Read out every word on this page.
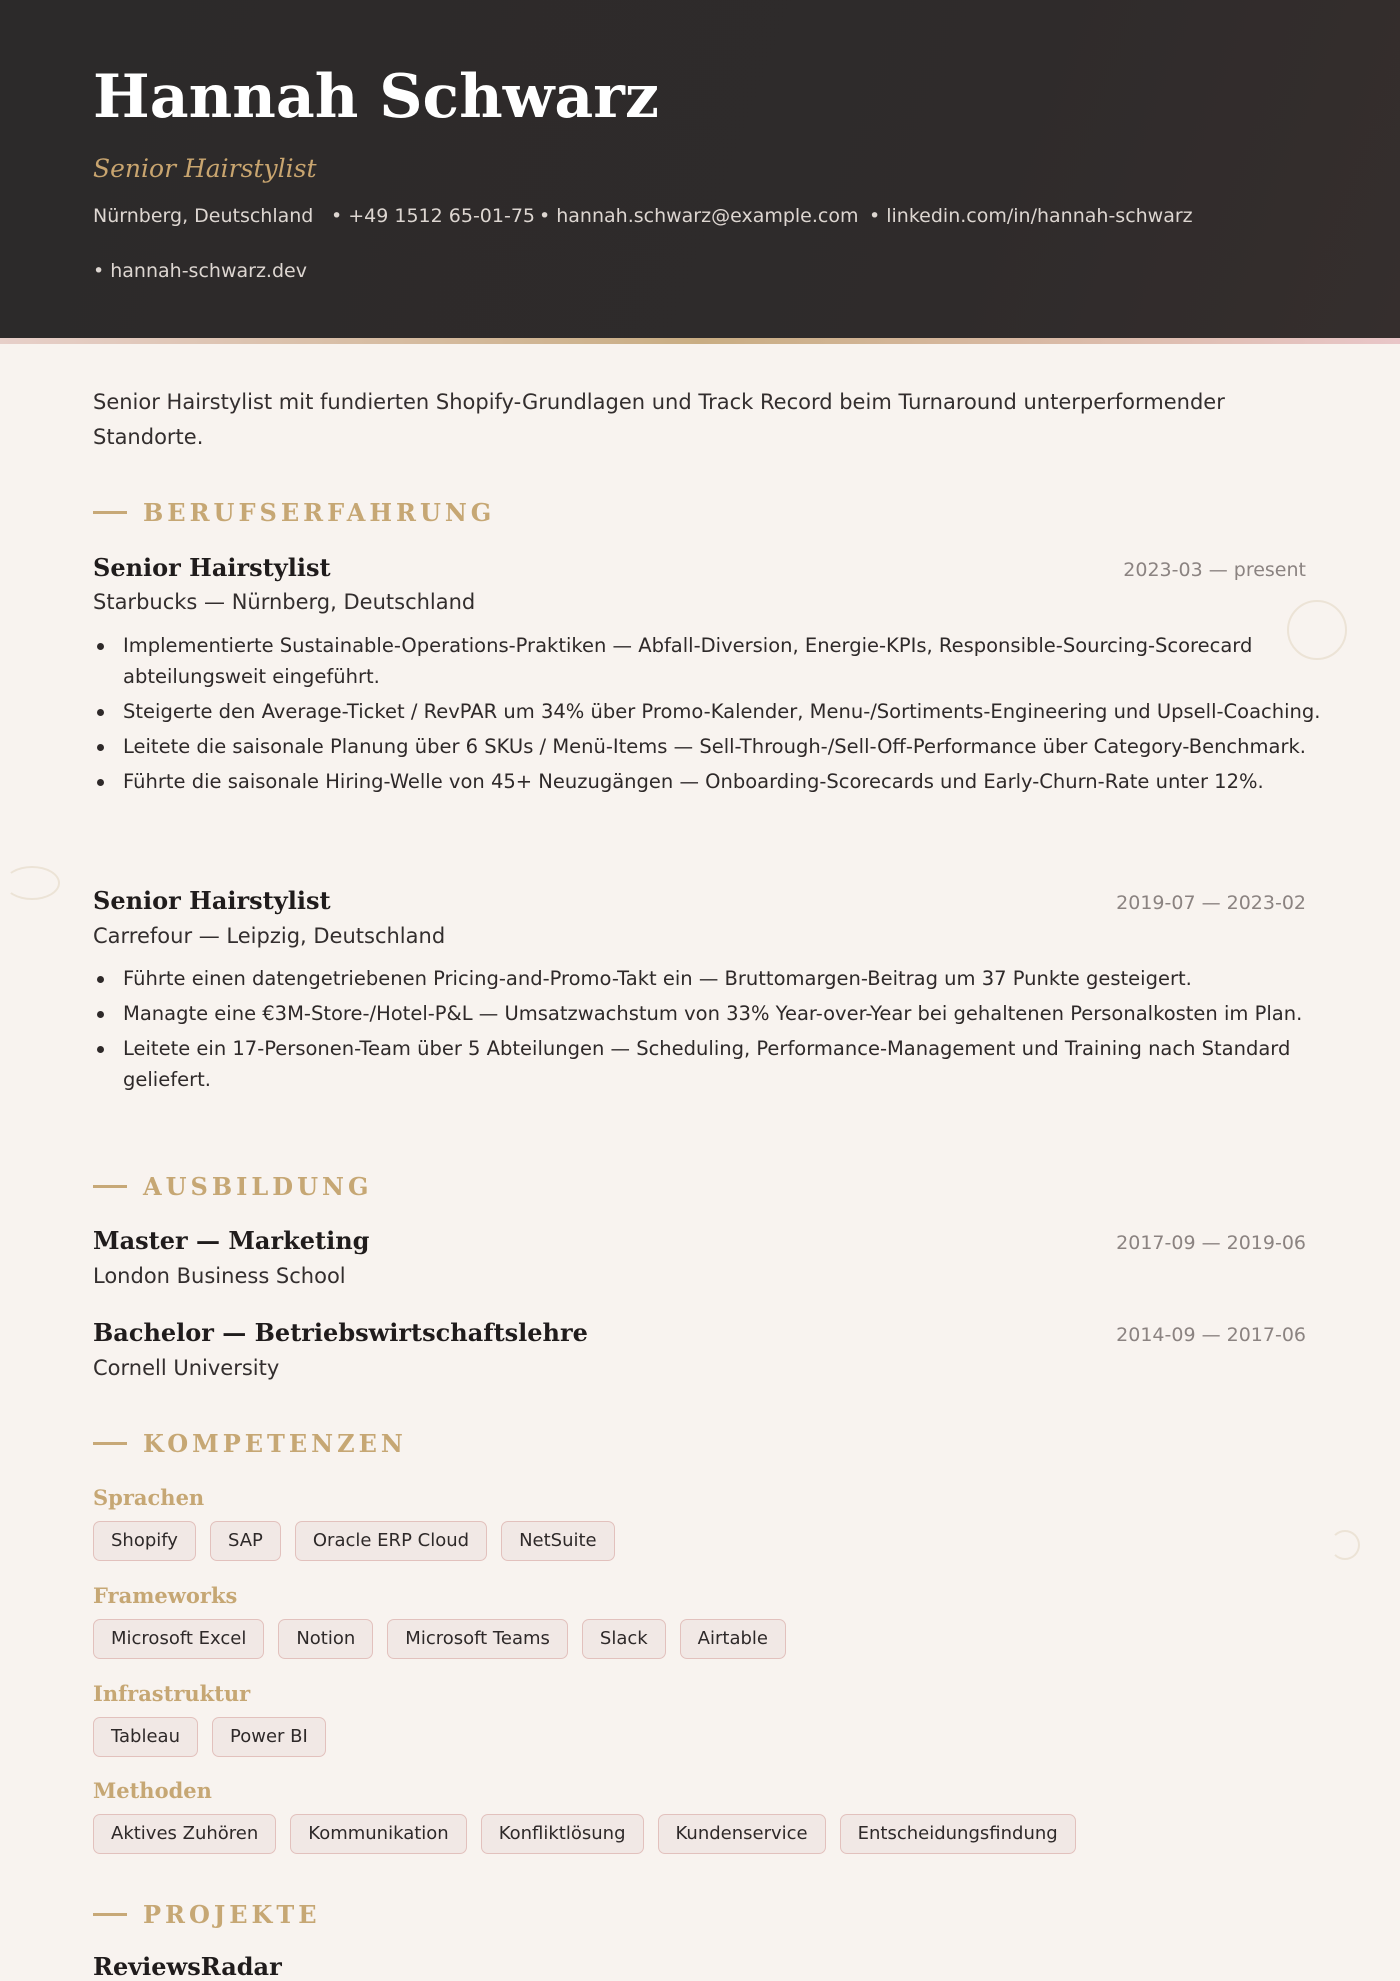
Hannah Schwarz
Senior Hairstylist
Nürnberg, Deutschland • +49 1512 65-01-75 • hannah.schwarz@example.com • linkedin.com/in/hannah-schwarz
• hannah-schwarz.dev
Senior Hairstylist mit fundierten Shopify-Grundlagen und Track Record beim Turnaround unterperformender Standorte.
BERUFSERFAHRUNG
Senior Hairstylist	2023-03 — present
Starbucks — Nürnberg, Deutschland
Implementierte Sustainable-Operations-Praktiken — Abfall-Diversion, Energie-KPIs, Responsible-Sourcing-Scorecard abteilungsweit eingeführt.
Steigerte den Average-Ticket / RevPAR um 34% über Promo-Kalender, Menu-/Sortiments-Engineering und Upsell-Coaching.
Leitete die saisonale Planung über 6 SKUs / Menü-Items — Sell-Through-/Sell-Off-Performance über Category-Benchmark.
Führte die saisonale Hiring-Welle von 45+ Neuzugängen — Onboarding-Scorecards und Early-Churn-Rate unter 12%.
Senior Hairstylist	2019-07 — 2023-02
Carrefour — Leipzig, Deutschland
Führte einen datengetriebenen Pricing-and-Promo-Takt ein — Bruttomargen-Beitrag um 37 Punkte gesteigert.
Managte eine €3M-Store-/Hotel-P&L — Umsatzwachstum von 33% Year-over-Year bei gehaltenen Personalkosten im Plan.
Leitete ein 17-Personen-Team über 5 Abteilungen — Scheduling, Performance-Management und Training nach Standard geliefert.
AUSBILDUNG
Master — Marketing	2017-09 — 2019-06
London Business School
Bachelor — Betriebswirtschaftslehre	2014-09 — 2017-06
Cornell University
KOMPETENZEN
Sprachen
Shopify	SAP	Oracle ERP Cloud	NetSuite
Frameworks
Microsoft Excel	Notion	Microsoft Teams	Slack	Airtable
Infrastruktur
Tableau	Power BI
Methoden
Aktives Zuhören	Kommunikation	Konfliktlösung	Kundenservice	Entscheidungsfindung
PROJEKTE
ReviewsRadar
